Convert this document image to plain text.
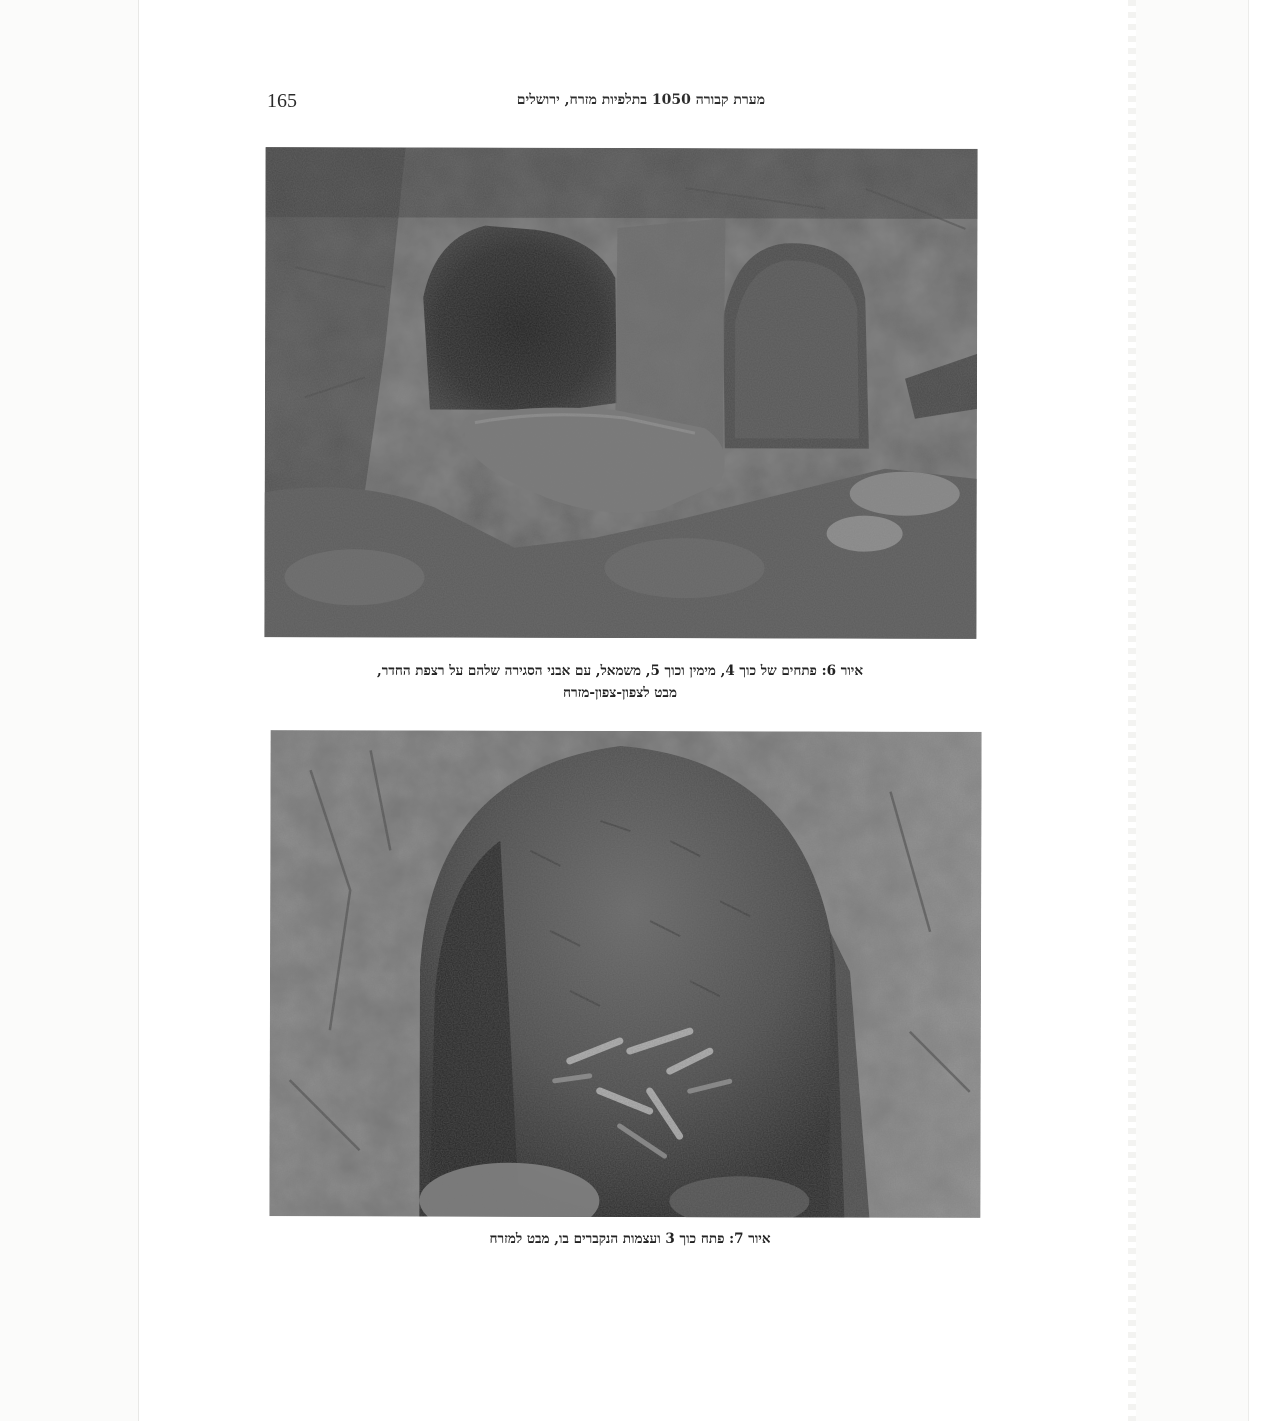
165	מערת קבורה 1050 בתלפיות מזרח, ירושלים
איור 6: פתחים של כוך 4, מימין וכוך 5, משמאל, עם אבני הסגירה שלהם על רצפת החדר,
מבט לצפון-צפון-מזרח
איור 7: פתח כוך 3 ועצמות הנקברים בו, מבט למזרח
